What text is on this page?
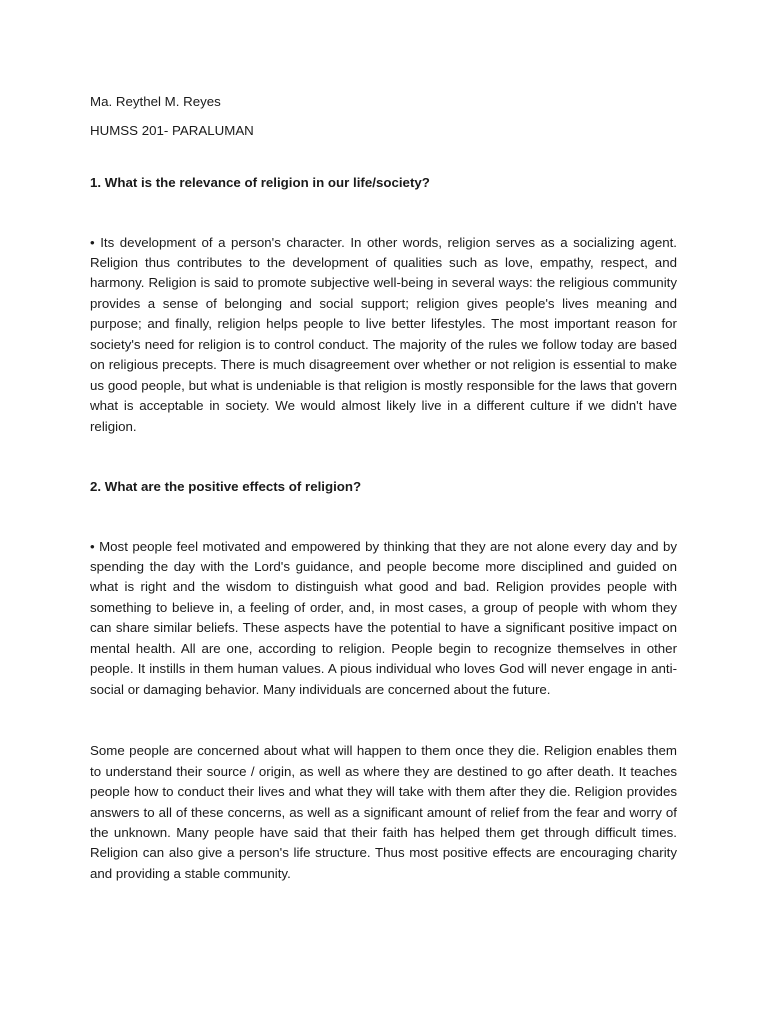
Ma. Reythel M. Reyes

HUMSS 201- PARALUMAN

1. What is the relevance of religion in our life/society?

• Its development of a person's character. In other words, religion serves as a socializing agent. Religion thus contributes to the development of qualities such as love, empathy, respect, and harmony. Religion is said to promote subjective well-being in several ways: the religious community provides a sense of belonging and social support; religion gives people's lives meaning and purpose; and finally, religion helps people to live better lifestyles. The most important reason for society's need for religion is to control conduct. The majority of the rules we follow today are based on religious precepts. There is much disagreement over whether or not religion is essential to make us good people, but what is undeniable is that religion is mostly responsible for the laws that govern what is acceptable in society. We would almost likely live in a different culture if we didn't have religion.

2. What are the positive effects of religion?

• Most people feel motivated and empowered by thinking that they are not alone every day and by spending the day with the Lord's guidance, and people become more disciplined and guided on what is right and the wisdom to distinguish what good and bad. Religion provides people with something to believe in, a feeling of order, and, in most cases, a group of people with whom they can share similar beliefs. These aspects have the potential to have a significant positive impact on mental health. All are one, according to religion. People begin to recognize themselves in other people. It instills in them human values. A pious individual who loves God will never engage in anti-social or damaging behavior. Many individuals are concerned about the future.

Some people are concerned about what will happen to them once they die. Religion enables them to understand their source / origin, as well as where they are destined to go after death. It teaches people how to conduct their lives and what they will take with them after they die. Religion provides answers to all of these concerns, as well as a significant amount of relief from the fear and worry of the unknown. Many people have said that their faith has helped them get through difficult times. Religion can also give a person's life structure. Thus most positive effects are encouraging charity and providing a stable community.
